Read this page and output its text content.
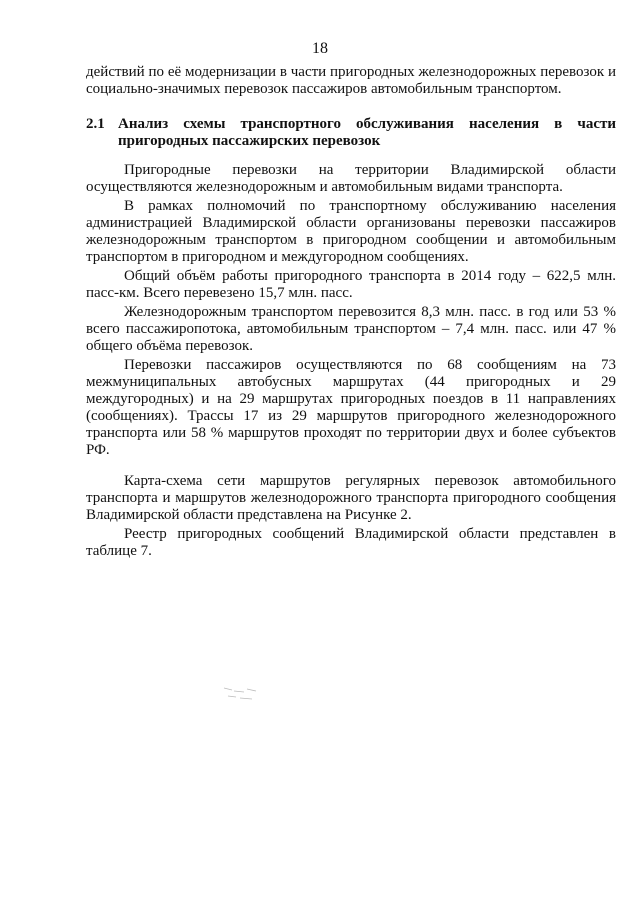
18

действий по её модернизации в части пригородных железнодорожных перевозок и социально-значимых перевозок пассажиров автомобильным транспортом.

2.1 Анализ схемы транспортного обслуживания населения в части пригородных пассажирских перевозок

Пригородные перевозки на территории Владимирской области осуществляются железнодорожным и автомобильным видами транспорта.

В рамках полномочий по транспортному обслуживанию населения администрацией Владимирской области организованы перевозки пассажиров железнодорожным транспортом в пригородном сообщении и автомобильным транспортом в пригородном и междугородном сообщениях.

Общий объём работы пригородного транспорта в 2014 году – 622,5 млн. пасс-км. Всего перевезено 15,7 млн. пасс.

Железнодорожным транспортом перевозится 8,3 млн. пасс. в год или 53 % всего пассажиропотока, автомобильным транспортом – 7,4 млн. пасс. или 47 % общего объёма перевозок.

Перевозки пассажиров осуществляются по 68 сообщениям на 73 межмуниципальных автобусных маршрутах (44 пригородных и 29 междугородных) и на 29 маршрутах пригородных поездов в 11 направлениях (сообщениях). Трассы 17 из 29 маршрутов пригородного железнодорожного транспорта или 58 % маршрутов проходят по территории двух и более субъектов РФ.

Карта-схема сети маршрутов регулярных перевозок автомобильного транспорта и маршрутов железнодорожного транспорта пригородного сообщения Владимирской области представлена на Рисунке 2.

Реестр пригородных сообщений Владимирской области представлен в таблице 7.
